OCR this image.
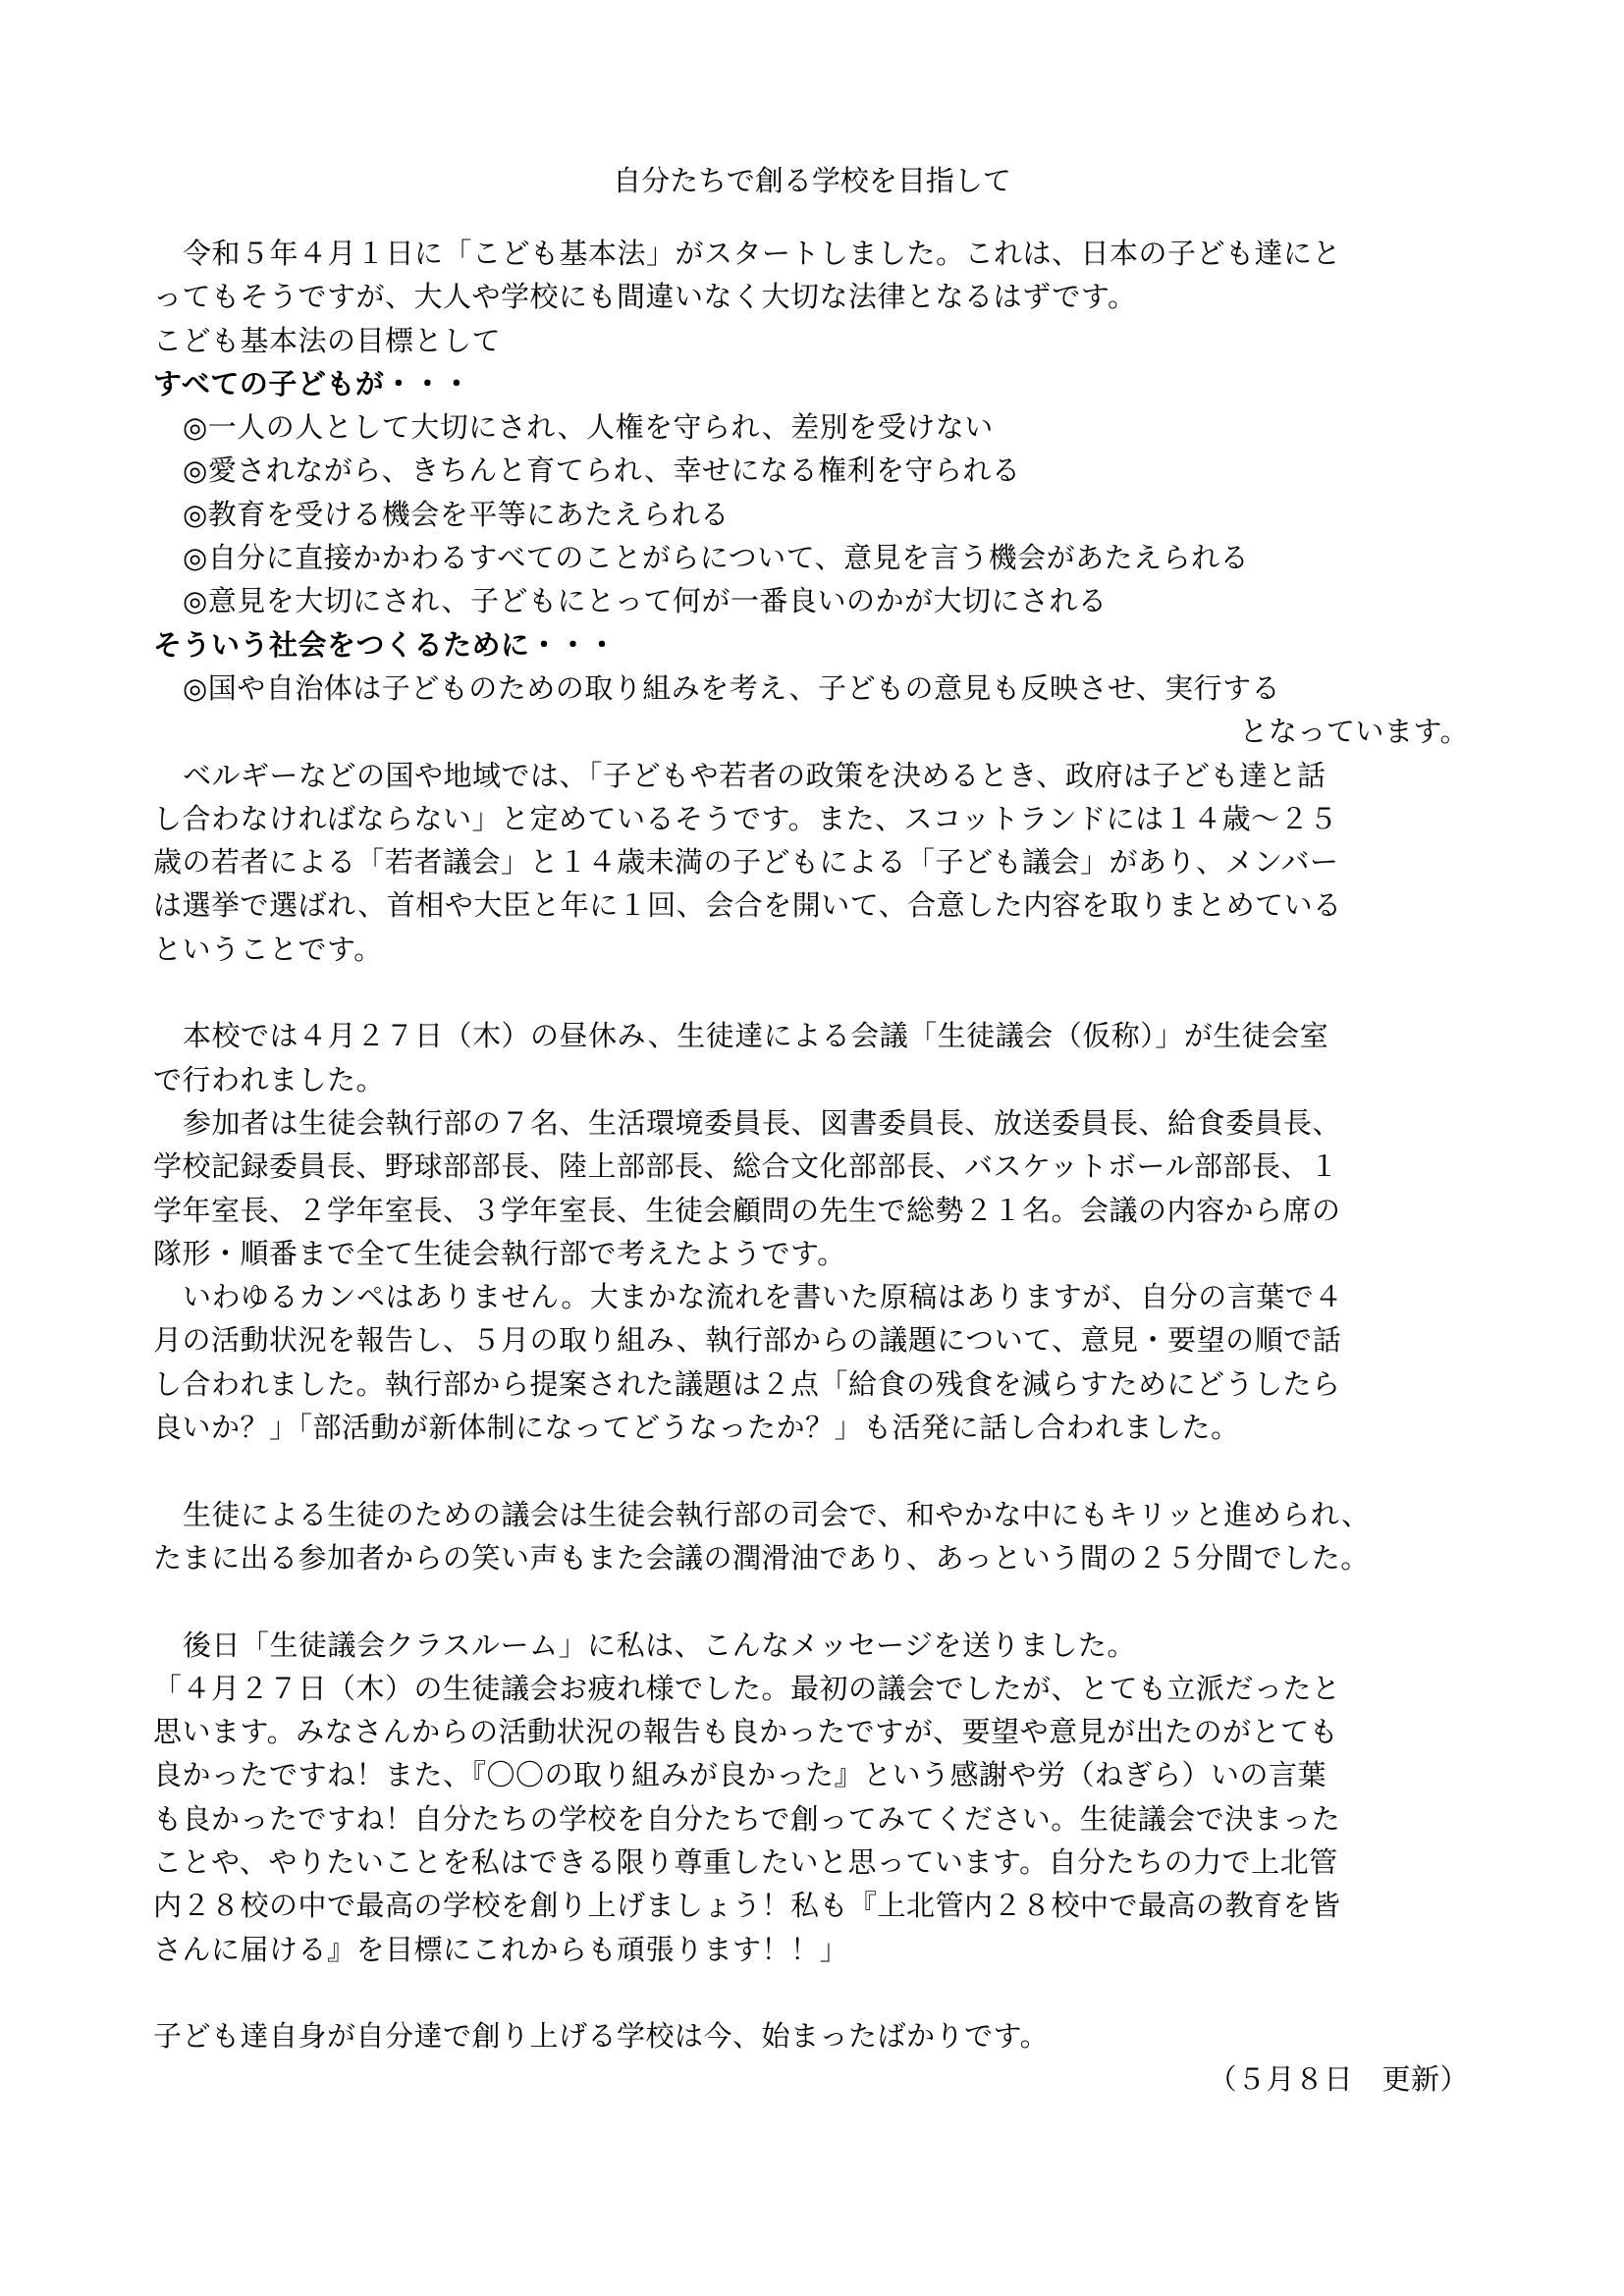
自分たちで創る学校を目指して
令和５年４月１日に「こども基本法」がスタートしました。これは、日本の子ども達にと
ってもそうですが、大人や学校にも間違いなく大切な法律となるはずです。
こども基本法の目標として
すべての子どもが・・・
◎一人の人として大切にされ、人権を守られ、差別を受けない
◎愛されながら、きちんと育てられ、幸せになる権利を守られる
◎教育を受ける機会を平等にあたえられる
◎自分に直接かかわるすべてのことがらについて、意見を言う機会があたえられる
◎意見を大切にされ、子どもにとって何が一番良いのかが大切にされる
そういう社会をつくるために・・・
◎国や自治体は子どものための取り組みを考え、子どもの意見も反映させ、実行する
となっています。
ベルギーなどの国や地域では、「子どもや若者の政策を決めるとき、政府は子ども達と話
し合わなければならない」と定めているそうです。また、スコットランドには１４歳～２５
歳の若者による「若者議会」と１４歳未満の子どもによる「子ども議会」があり、メンバー
は選挙で選ばれ、首相や大臣と年に１回、会合を開いて、合意した内容を取りまとめている
ということです。
本校では４月２７日（木）の昼休み、生徒達による会議「生徒議会（仮称）」が生徒会室
で行われました。
参加者は生徒会執行部の７名、生活環境委員長、図書委員長、放送委員長、給食委員長、
学校記録委員長、野球部部長、陸上部部長、総合文化部部長、バスケットボール部部長、１
学年室長、２学年室長、３学年室長、生徒会顧問の先生で総勢２１名。会議の内容から席の
隊形・順番まで全て生徒会執行部で考えたようです。
いわゆるカンペはありません。大まかな流れを書いた原稿はありますが、自分の言葉で４
月の活動状況を報告し、５月の取り組み、執行部からの議題について、意見・要望の順で話
し合われました。執行部から提案された議題は２点「給食の残食を減らすためにどうしたら
良いか？」「部活動が新体制になってどうなったか？」も活発に話し合われました。
生徒による生徒のための議会は生徒会執行部の司会で、和やかな中にもキリッと進められ、
たまに出る参加者からの笑い声もまた会議の潤滑油であり、あっという間の２５分間でした。
後日「生徒議会クラスルーム」に私は、こんなメッセージを送りました。
「４月２７日（木）の生徒議会お疲れ様でした。最初の議会でしたが、とても立派だったと
思います。みなさんからの活動状況の報告も良かったですが、要望や意見が出たのがとても
良かったですね！また、『〇〇の取り組みが良かった』という感謝や労（ねぎら）いの言葉
も良かったですね！自分たちの学校を自分たちで創ってみてください。生徒議会で決まった
ことや、やりたいことを私はできる限り尊重したいと思っています。自分たちの力で上北管
内２８校の中で最高の学校を創り上げましょう！私も『上北管内２８校中で最高の教育を皆
さんに届ける』を目標にこれからも頑張ります！！」
子ども達自身が自分達で創り上げる学校は今、始まったばかりです。
（５月８日　更新）
